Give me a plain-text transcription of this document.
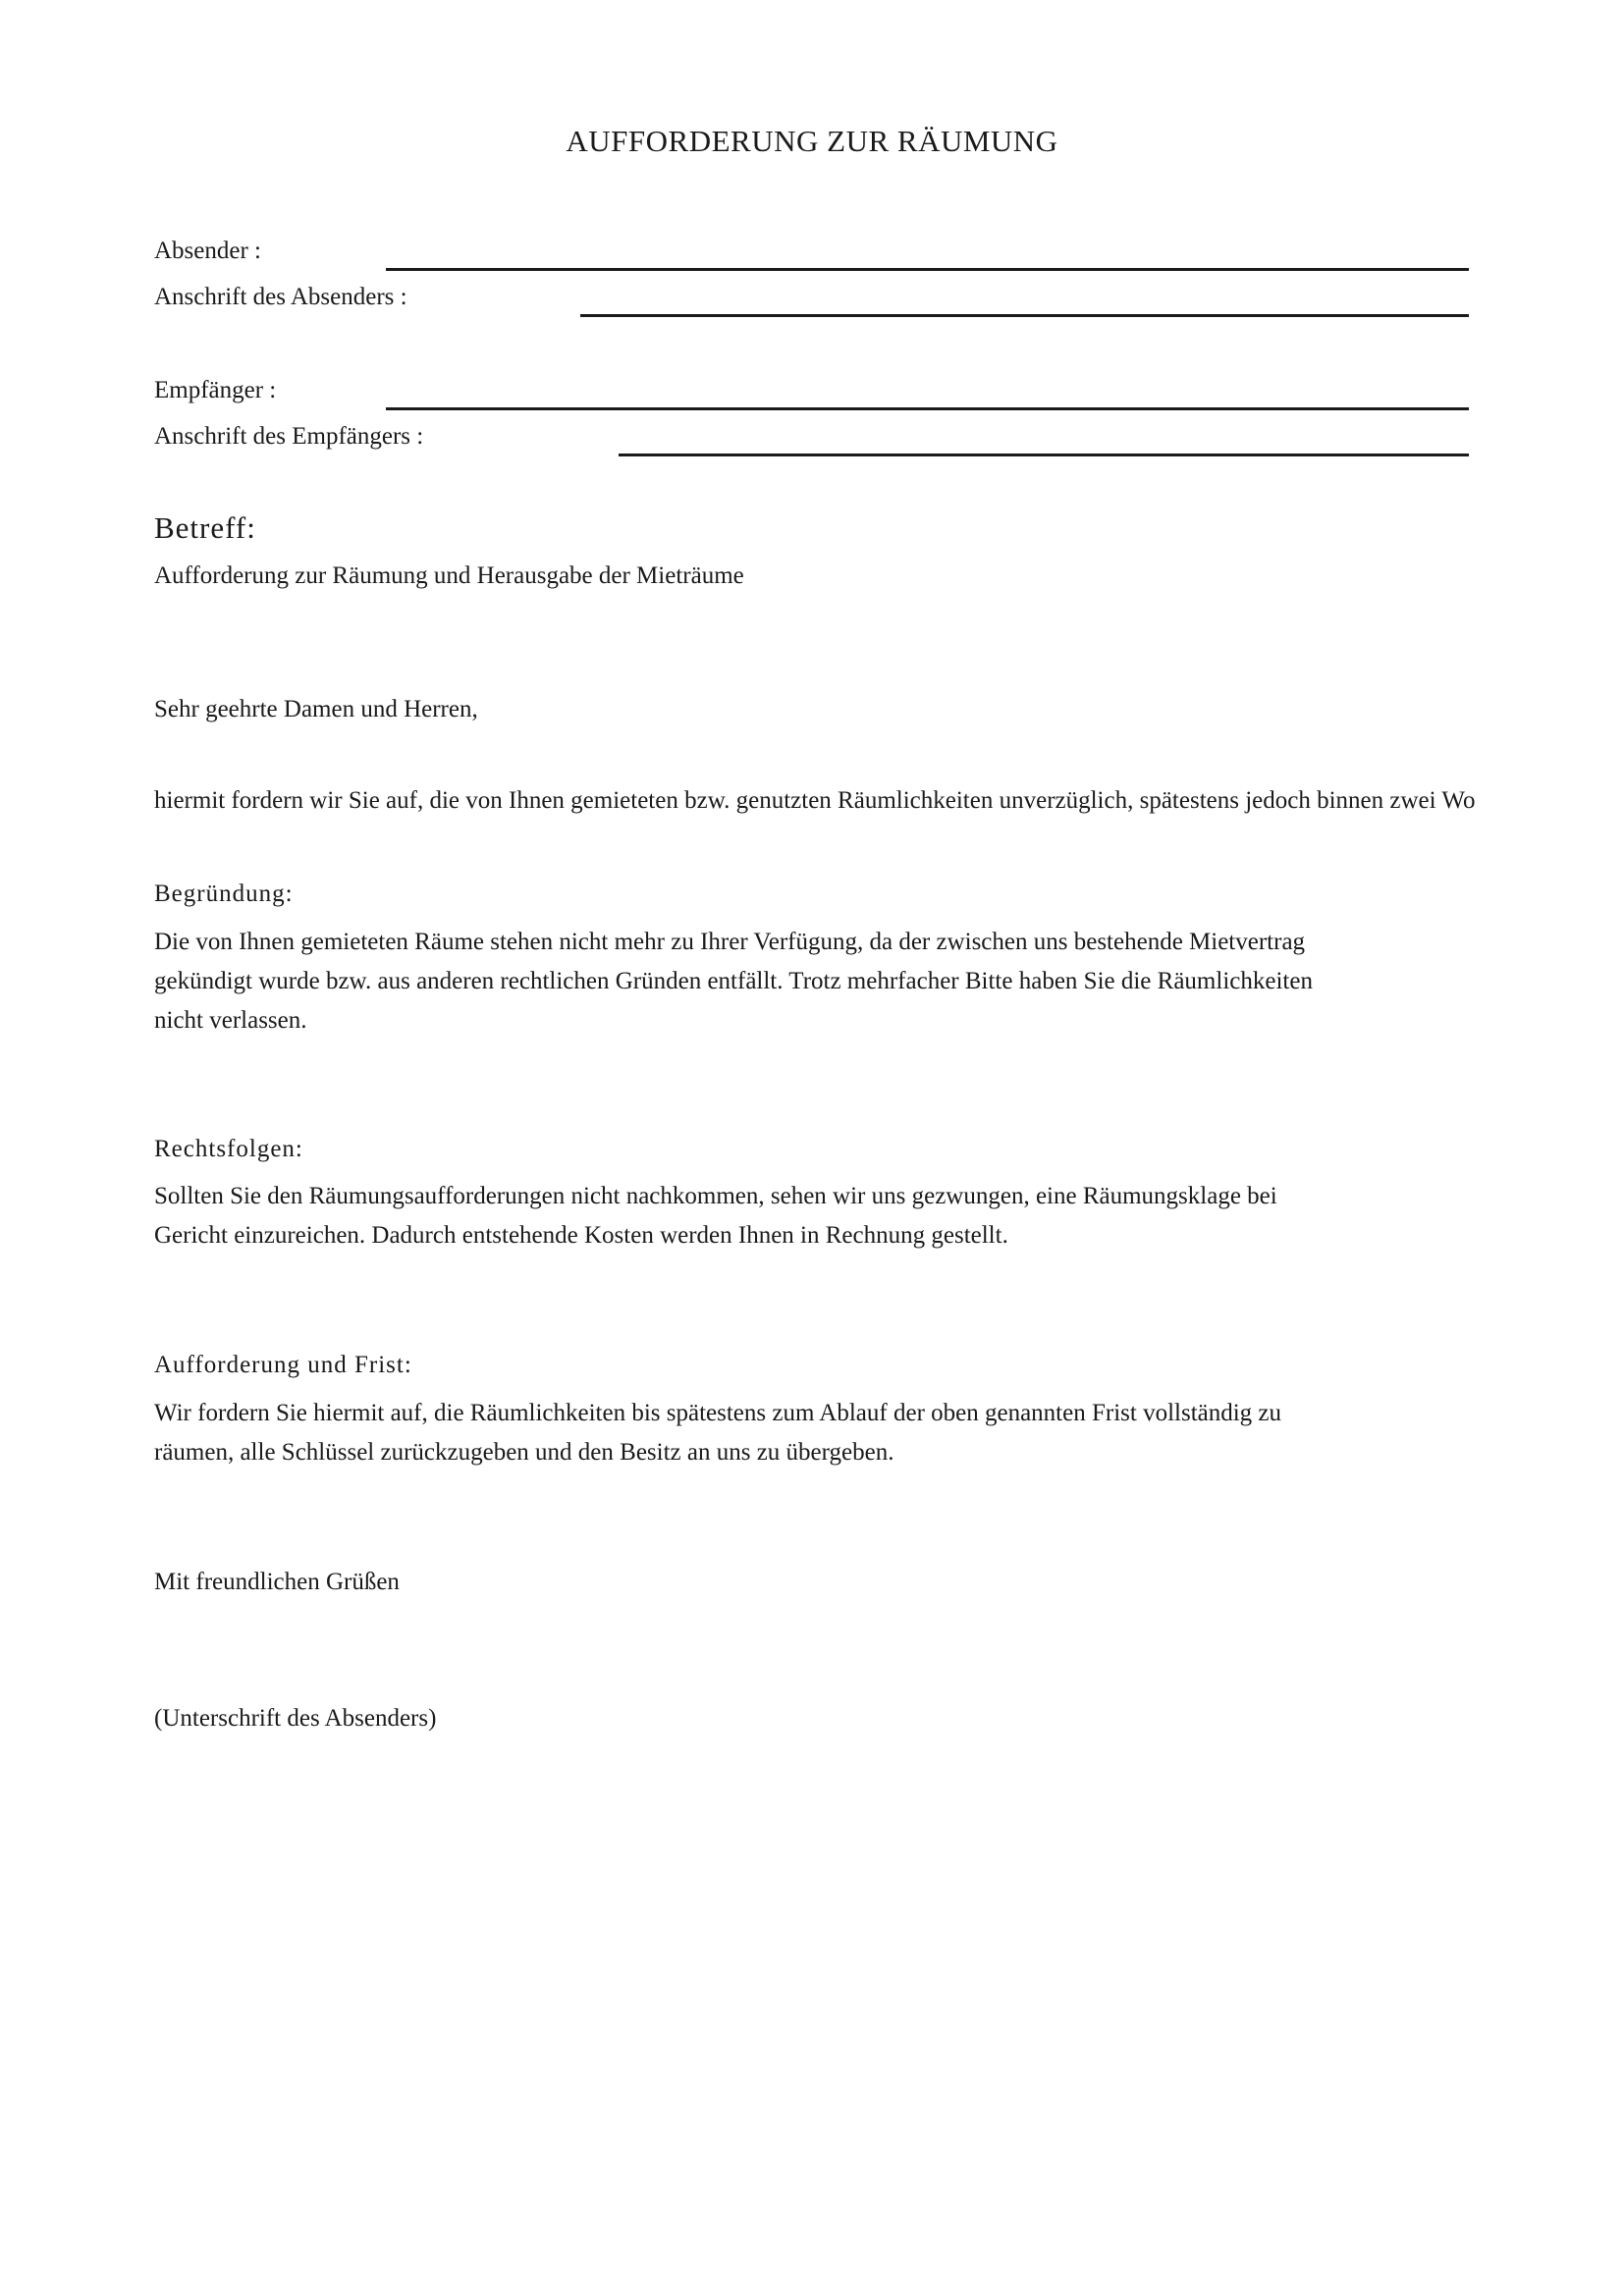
AUFFORDERUNG ZUR RÄUMUNG
Absender :
Anschrift des Absenders :
Empfänger :
Anschrift des Empfängers :
Betreff:
Aufforderung zur Räumung und Herausgabe der Mieträume
Sehr geehrte Damen und Herren,
hiermit fordern wir Sie auf, die von Ihnen gemieteten bzw. genutzten Räumlichkeiten unverzüglich, spätestens jedoch binnen zwei Wo
Begründung:
Die von Ihnen gemieteten Räume stehen nicht mehr zu Ihrer Verfügung, da der zwischen uns bestehende Mietvertrag
gekündigt wurde bzw. aus anderen rechtlichen Gründen entfällt. Trotz mehrfacher Bitte haben Sie die Räumlichkeiten
nicht verlassen.
Rechtsfolgen:
Sollten Sie den Räumungsaufforderungen nicht nachkommen, sehen wir uns gezwungen, eine Räumungsklage bei
Gericht einzureichen. Dadurch entstehende Kosten werden Ihnen in Rechnung gestellt.
Aufforderung und Frist:
Wir fordern Sie hiermit auf, die Räumlichkeiten bis spätestens zum Ablauf der oben genannten Frist vollständig zu
räumen, alle Schlüssel zurückzugeben und den Besitz an uns zu übergeben.
Mit freundlichen Grüßen
(Unterschrift des Absenders)
